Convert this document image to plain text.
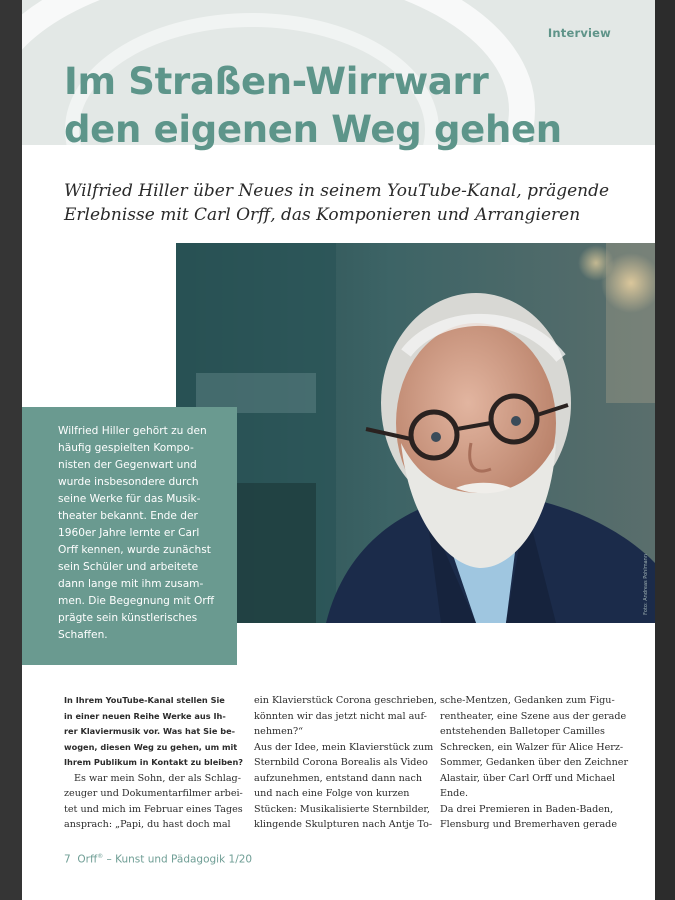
Interview
Im Straßen-Wirrwarr
den eigenen Weg gehen
Wilfried Hiller über Neues in seinem YouTube-Kanal, prägende
Erlebnisse mit Carl Orff, das Komponieren und Arrangieren
Foto: Andreas Pohlmann
Wilfried Hiller gehört zu den
häufig gespielten Kompo-
nisten der Gegenwart und
wurde insbesondere durch
seine Werke für das Musik-
theater bekannt. Ende der
1960er Jahre lernte er Carl
Orff kennen, wurde zunächst
sein Schüler und arbeitete
dann lange mit ihm zusam-
men. Die Begegnung mit Orff
prägte sein künstlerisches
Schaffen.
In Ihrem YouTube-Kanal stellen Sie
in einer neuen Reihe Werke aus Ih-
rer Klaviermusik vor. Was hat Sie be-
wogen, diesen Weg zu gehen, um mit
Ihrem Publikum in Kontakt zu bleiben?
Es war mein Sohn, der als Schlag-
zeuger und Dokumentarfilmer arbei-
tet und mich im Februar eines Tages
ansprach: „Papi, du hast doch mal
ein Klavierstück Corona geschrieben,
könnten wir das jetzt nicht mal auf-
nehmen?“
Aus der Idee, mein Klavierstück zum
Sternbild Corona Borealis als Video
aufzunehmen, entstand dann nach
und nach eine Folge von kurzen
Stücken: Musikalisierte Sternbilder,
klingende Skulpturen nach Antje To-
sche-Mentzen, Gedanken zum Figu-
rentheater, eine Szene aus der gerade
entstehenden Balletoper Camilles
Schrecken, ein Walzer für Alice Herz-
Sommer, Gedanken über den Zeichner
Alastair, über Carl Orff und Michael
Ende.
Da drei Premieren in Baden-Baden,
Flensburg und Bremerhaven gerade
7 Orff® – Kunst und Pädagogik 1/20
